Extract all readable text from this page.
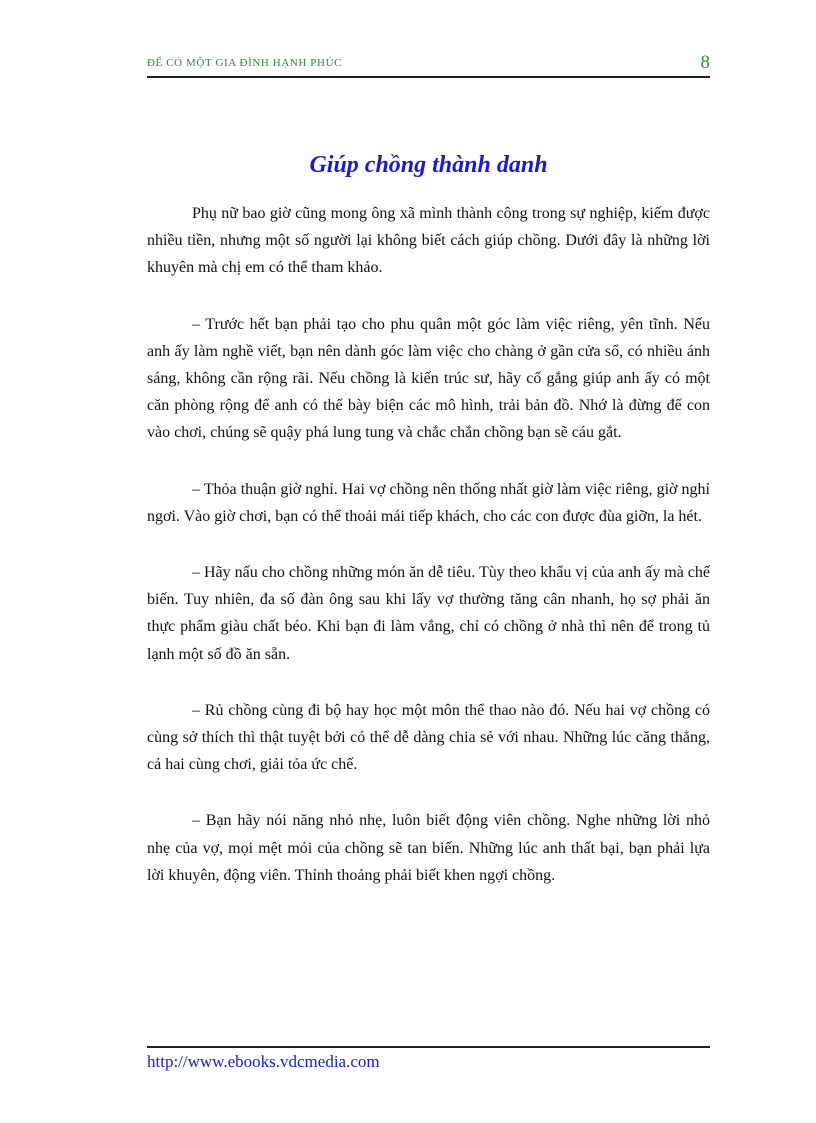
ĐỂ CÓ MỘT GIA ĐÌNH HẠNH PHÚC	8
Giúp chồng thành danh

Phụ nữ bao giờ cũng mong ông xã mình thành công trong sự nghiệp, kiếm được nhiều tiền, nhưng một số người lại không biết cách giúp chồng. Dưới đây là những lời khuyên mà chị em có thể tham khảo.

– Trước hết bạn phải tạo cho phu quân một góc làm việc riêng, yên tĩnh. Nếu anh ấy làm nghề viết, bạn nên dành góc làm việc cho chàng ở gần cửa sổ, có nhiều ánh sáng, không cần rộng rãi. Nếu chồng là kiến trúc sư, hãy cố gắng giúp anh ấy có một căn phòng rộng để anh có thể bày biện các mô hình, trải bản đồ. Nhớ là đừng để con vào chơi, chúng sẽ quậy phá lung tung và chắc chắn chồng bạn sẽ cáu gắt.

– Thỏa thuận giờ nghỉ. Hai vợ chồng nên thống nhất giờ làm việc riêng, giờ nghỉ ngơi. Vào giờ chơi, bạn có thể thoải mái tiếp khách, cho các con được đùa giỡn, la hét.

– Hãy nấu cho chồng những món ăn dễ tiêu. Tùy theo khẩu vị của anh ấy mà chế biến. Tuy nhiên, đa số đàn ông sau khi lấy vợ thường tăng cân nhanh, họ sợ phải ăn thực phẩm giàu chất béo. Khi bạn đi làm vắng, chỉ có chồng ở nhà thì nên để trong tủ lạnh một số đồ ăn sẵn.

– Rủ chồng cùng đi bộ hay học một môn thể thao nào đó. Nếu hai vợ chồng có cùng sở thích thì thật tuyệt bởi có thể dễ dàng chia sẻ với nhau. Những lúc căng thẳng, cả hai cùng chơi, giải tỏa ức chế.

– Bạn hãy nói năng nhỏ nhẹ, luôn biết động viên chồng. Nghe những lời nhỏ nhẹ của vợ, mọi mệt mỏi của chồng sẽ tan biến. Những lúc anh thất bại, bạn phải lựa lời khuyên, động viên. Thỉnh thoảng phải biết khen ngợi chồng.

http://www.ebooks.vdcmedia.com
